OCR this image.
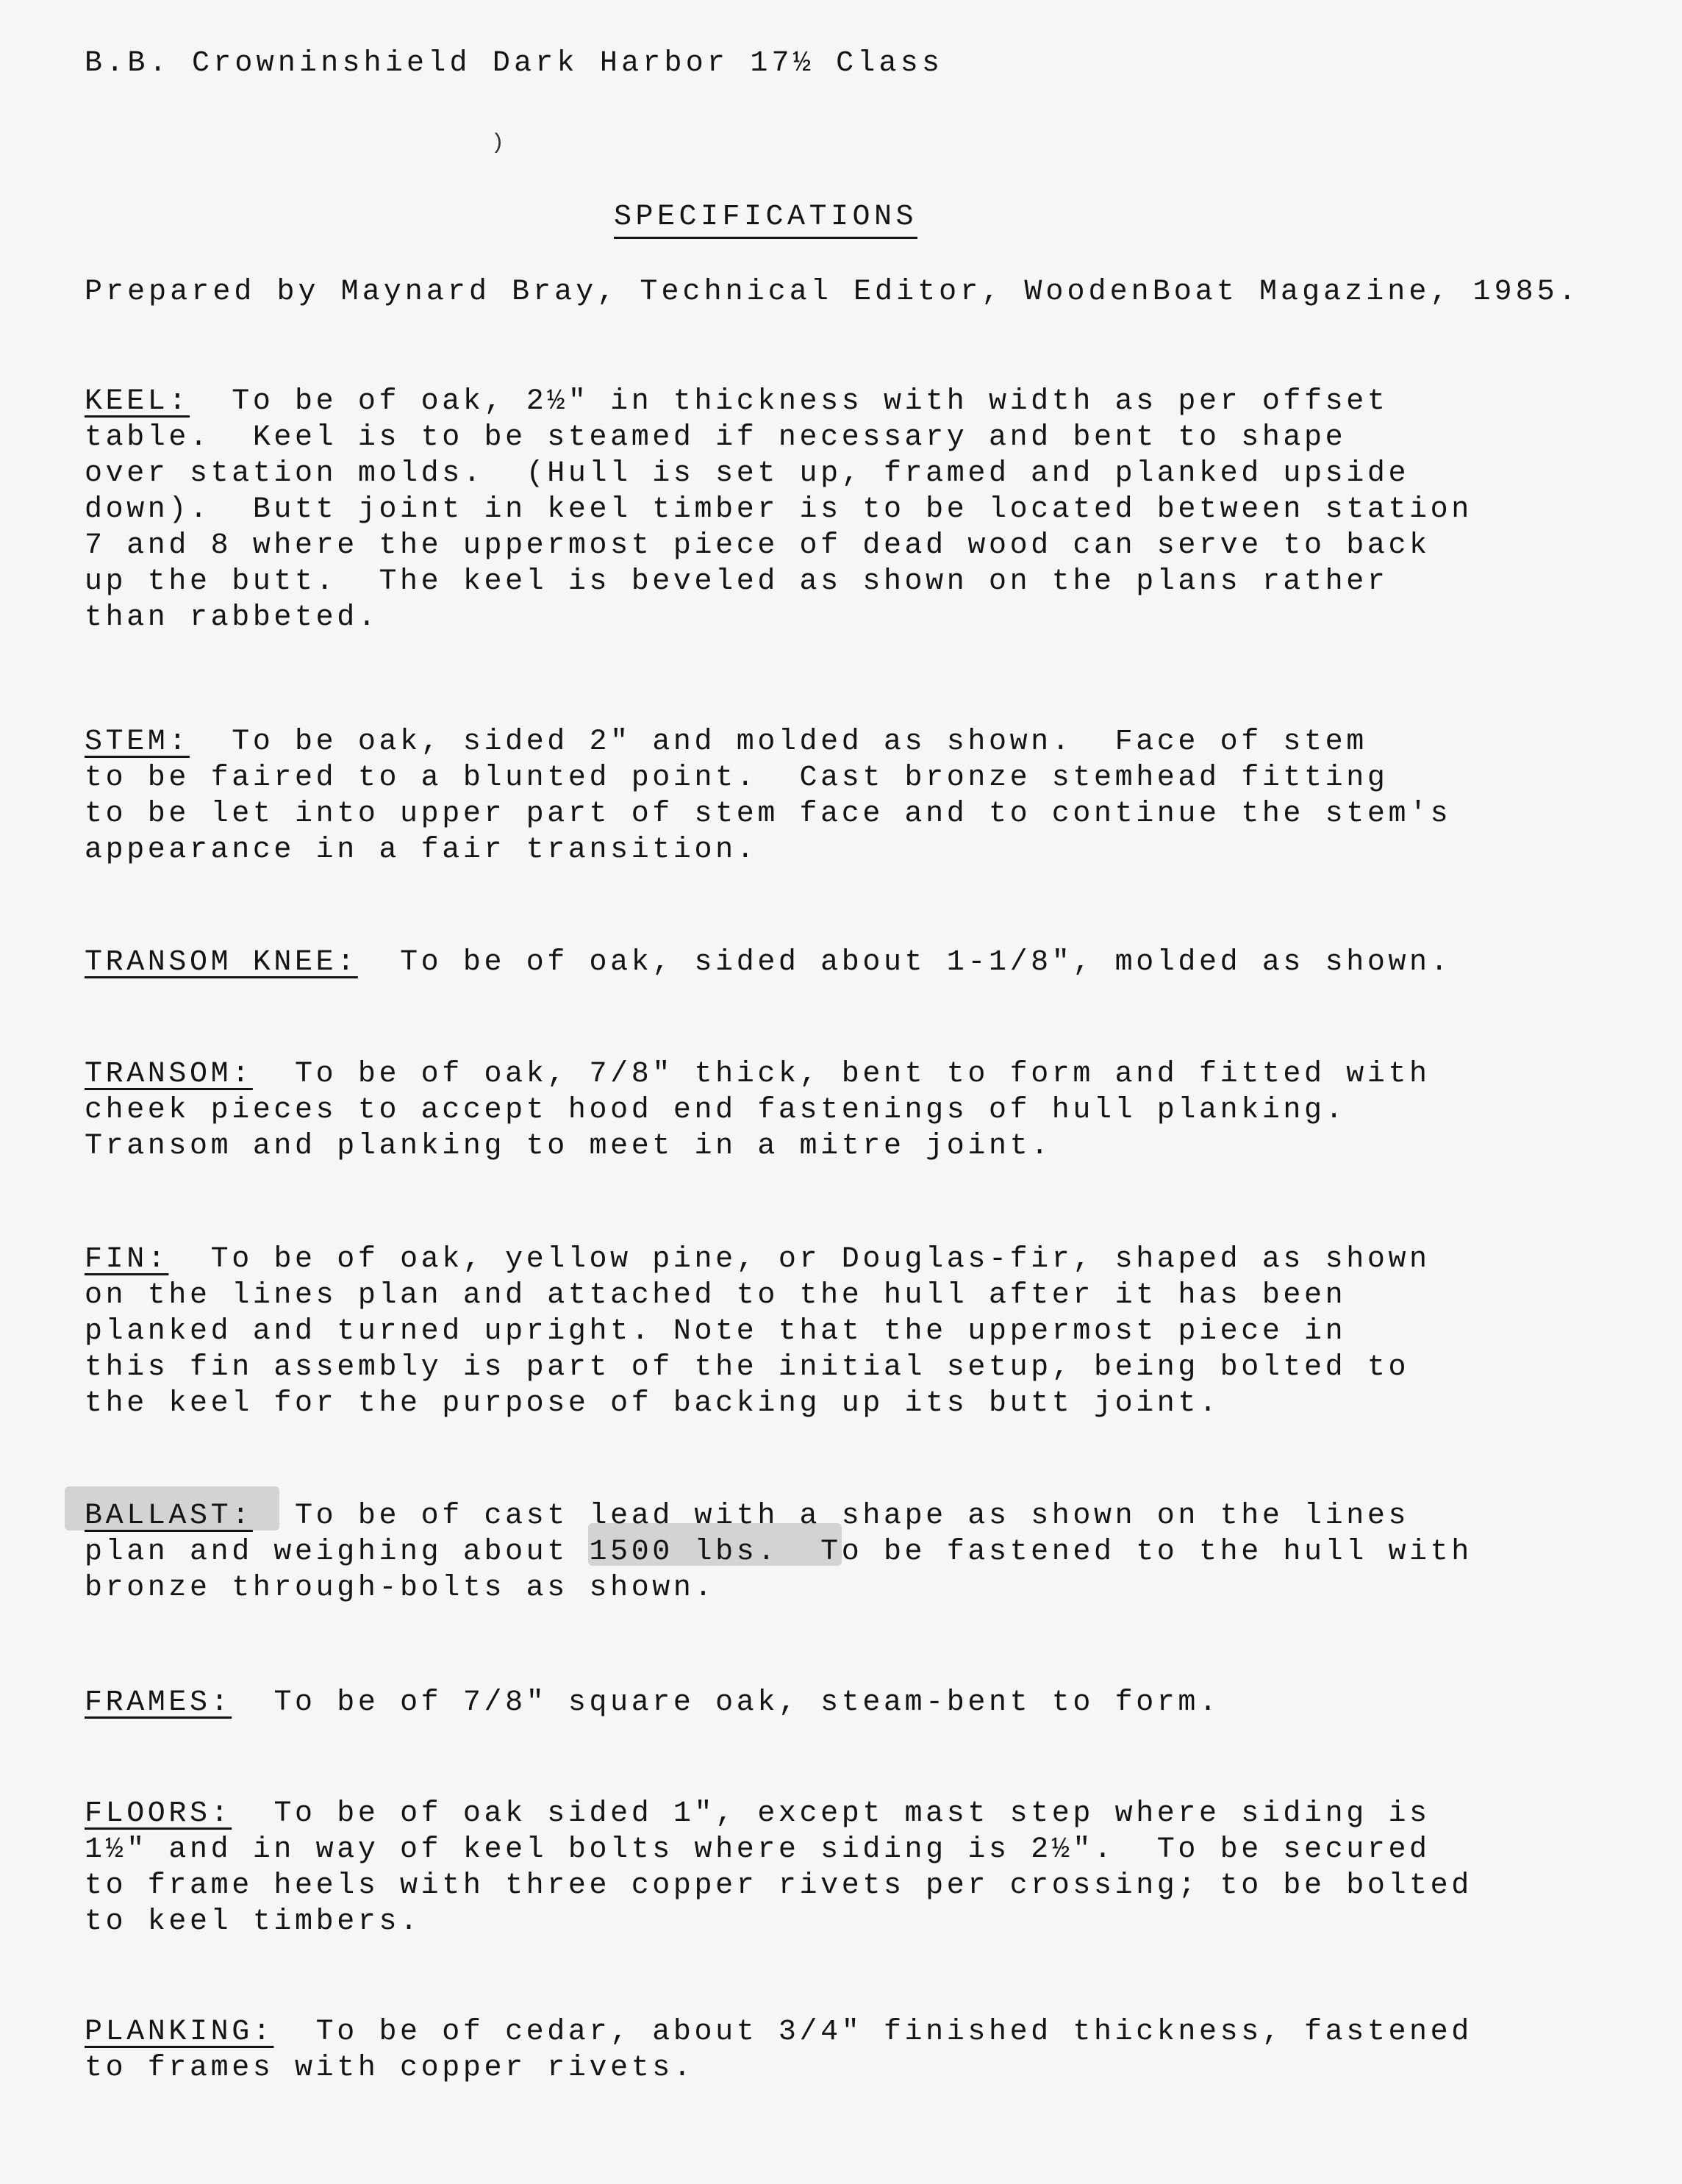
B.B. Crowninshield Dark Harbor 17½ Class
)
SPECIFICATIONS
Prepared by Maynard Bray, Technical Editor, WoodenBoat Magazine, 1985.
KEEL:  To be of oak, 2½" in thickness with width as per offset
table.  Keel is to be steamed if necessary and bent to shape
over station molds.  (Hull is set up, framed and planked upside
down).  Butt joint in keel timber is to be located between station
7 and 8 where the uppermost piece of dead wood can serve to back
up the butt.  The keel is beveled as shown on the plans rather
than rabbeted.
STEM:  To be oak, sided 2" and molded as shown.  Face of stem
to be faired to a blunted point.  Cast bronze stemhead fitting
to be let into upper part of stem face and to continue the stem's
appearance in a fair transition.
TRANSOM KNEE:  To be of oak, sided about 1-1/8", molded as shown.
TRANSOM:  To be of oak, 7/8" thick, bent to form and fitted with
cheek pieces to accept hood end fastenings of hull planking.
Transom and planking to meet in a mitre joint.
FIN:  To be of oak, yellow pine, or Douglas-fir, shaped as shown
on the lines plan and attached to the hull after it has been
planked and turned upright. Note that the uppermost piece in
this fin assembly is part of the initial setup, being bolted to
the keel for the purpose of backing up its butt joint.
BALLAST:  To be of cast lead with a shape as shown on the lines
plan and weighing about 1500 lbs.  To be fastened to the hull with
bronze through-bolts as shown.
FRAMES:  To be of 7/8" square oak, steam-bent to form.
FLOORS:  To be of oak sided 1", except mast step where siding is
1½" and in way of keel bolts where siding is 2½".  To be secured
to frame heels with three copper rivets per crossing; to be bolted
to keel timbers.
PLANKING:  To be of cedar, about 3/4" finished thickness, fastened
to frames with copper rivets.
